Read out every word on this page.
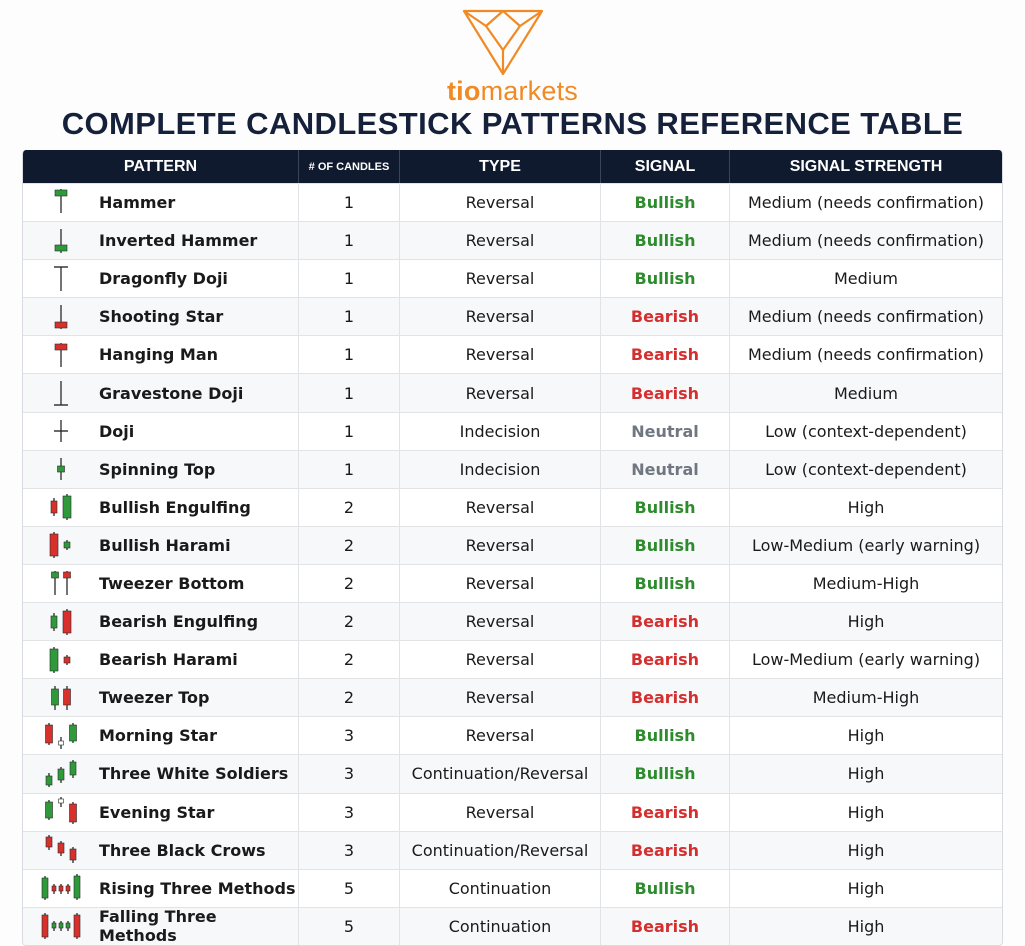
tiomarkets
COMPLETE CANDLESTICK PATTERNS REFERENCE TABLE
PATTERN	# OF CANDLES	TYPE	SIGNAL	SIGNAL STRENGTH
Hammer	1	Reversal	Bullish	Medium (needs confirmation)
Inverted Hammer	1	Reversal	Bullish	Medium (needs confirmation)
Dragonfly Doji	1	Reversal	Bullish	Medium
Shooting Star	1	Reversal	Bearish	Medium (needs confirmation)
Hanging Man	1	Reversal	Bearish	Medium (needs confirmation)
Gravestone Doji	1	Reversal	Bearish	Medium
Doji	1	Indecision	Neutral	Low (context-dependent)
Spinning Top	1	Indecision	Neutral	Low (context-dependent)
Bullish Engulfing	2	Reversal	Bullish	High
Bullish Harami	2	Reversal	Bullish	Low-Medium (early warning)
Tweezer Bottom	2	Reversal	Bullish	Medium-High
Bearish Engulfing	2	Reversal	Bearish	High
Bearish Harami	2	Reversal	Bearish	Low-Medium (early warning)
Tweezer Top	2	Reversal	Bearish	Medium-High
Morning Star	3	Reversal	Bullish	High
Three White Soldiers	3	Continuation/Reversal	Bullish	High
Evening Star	3	Reversal	Bearish	High
Three Black Crows	3	Continuation/Reversal	Bearish	High
Rising Three Methods	5	Continuation	Bullish	High
Falling Three Methods	5	Continuation	Bearish	High
